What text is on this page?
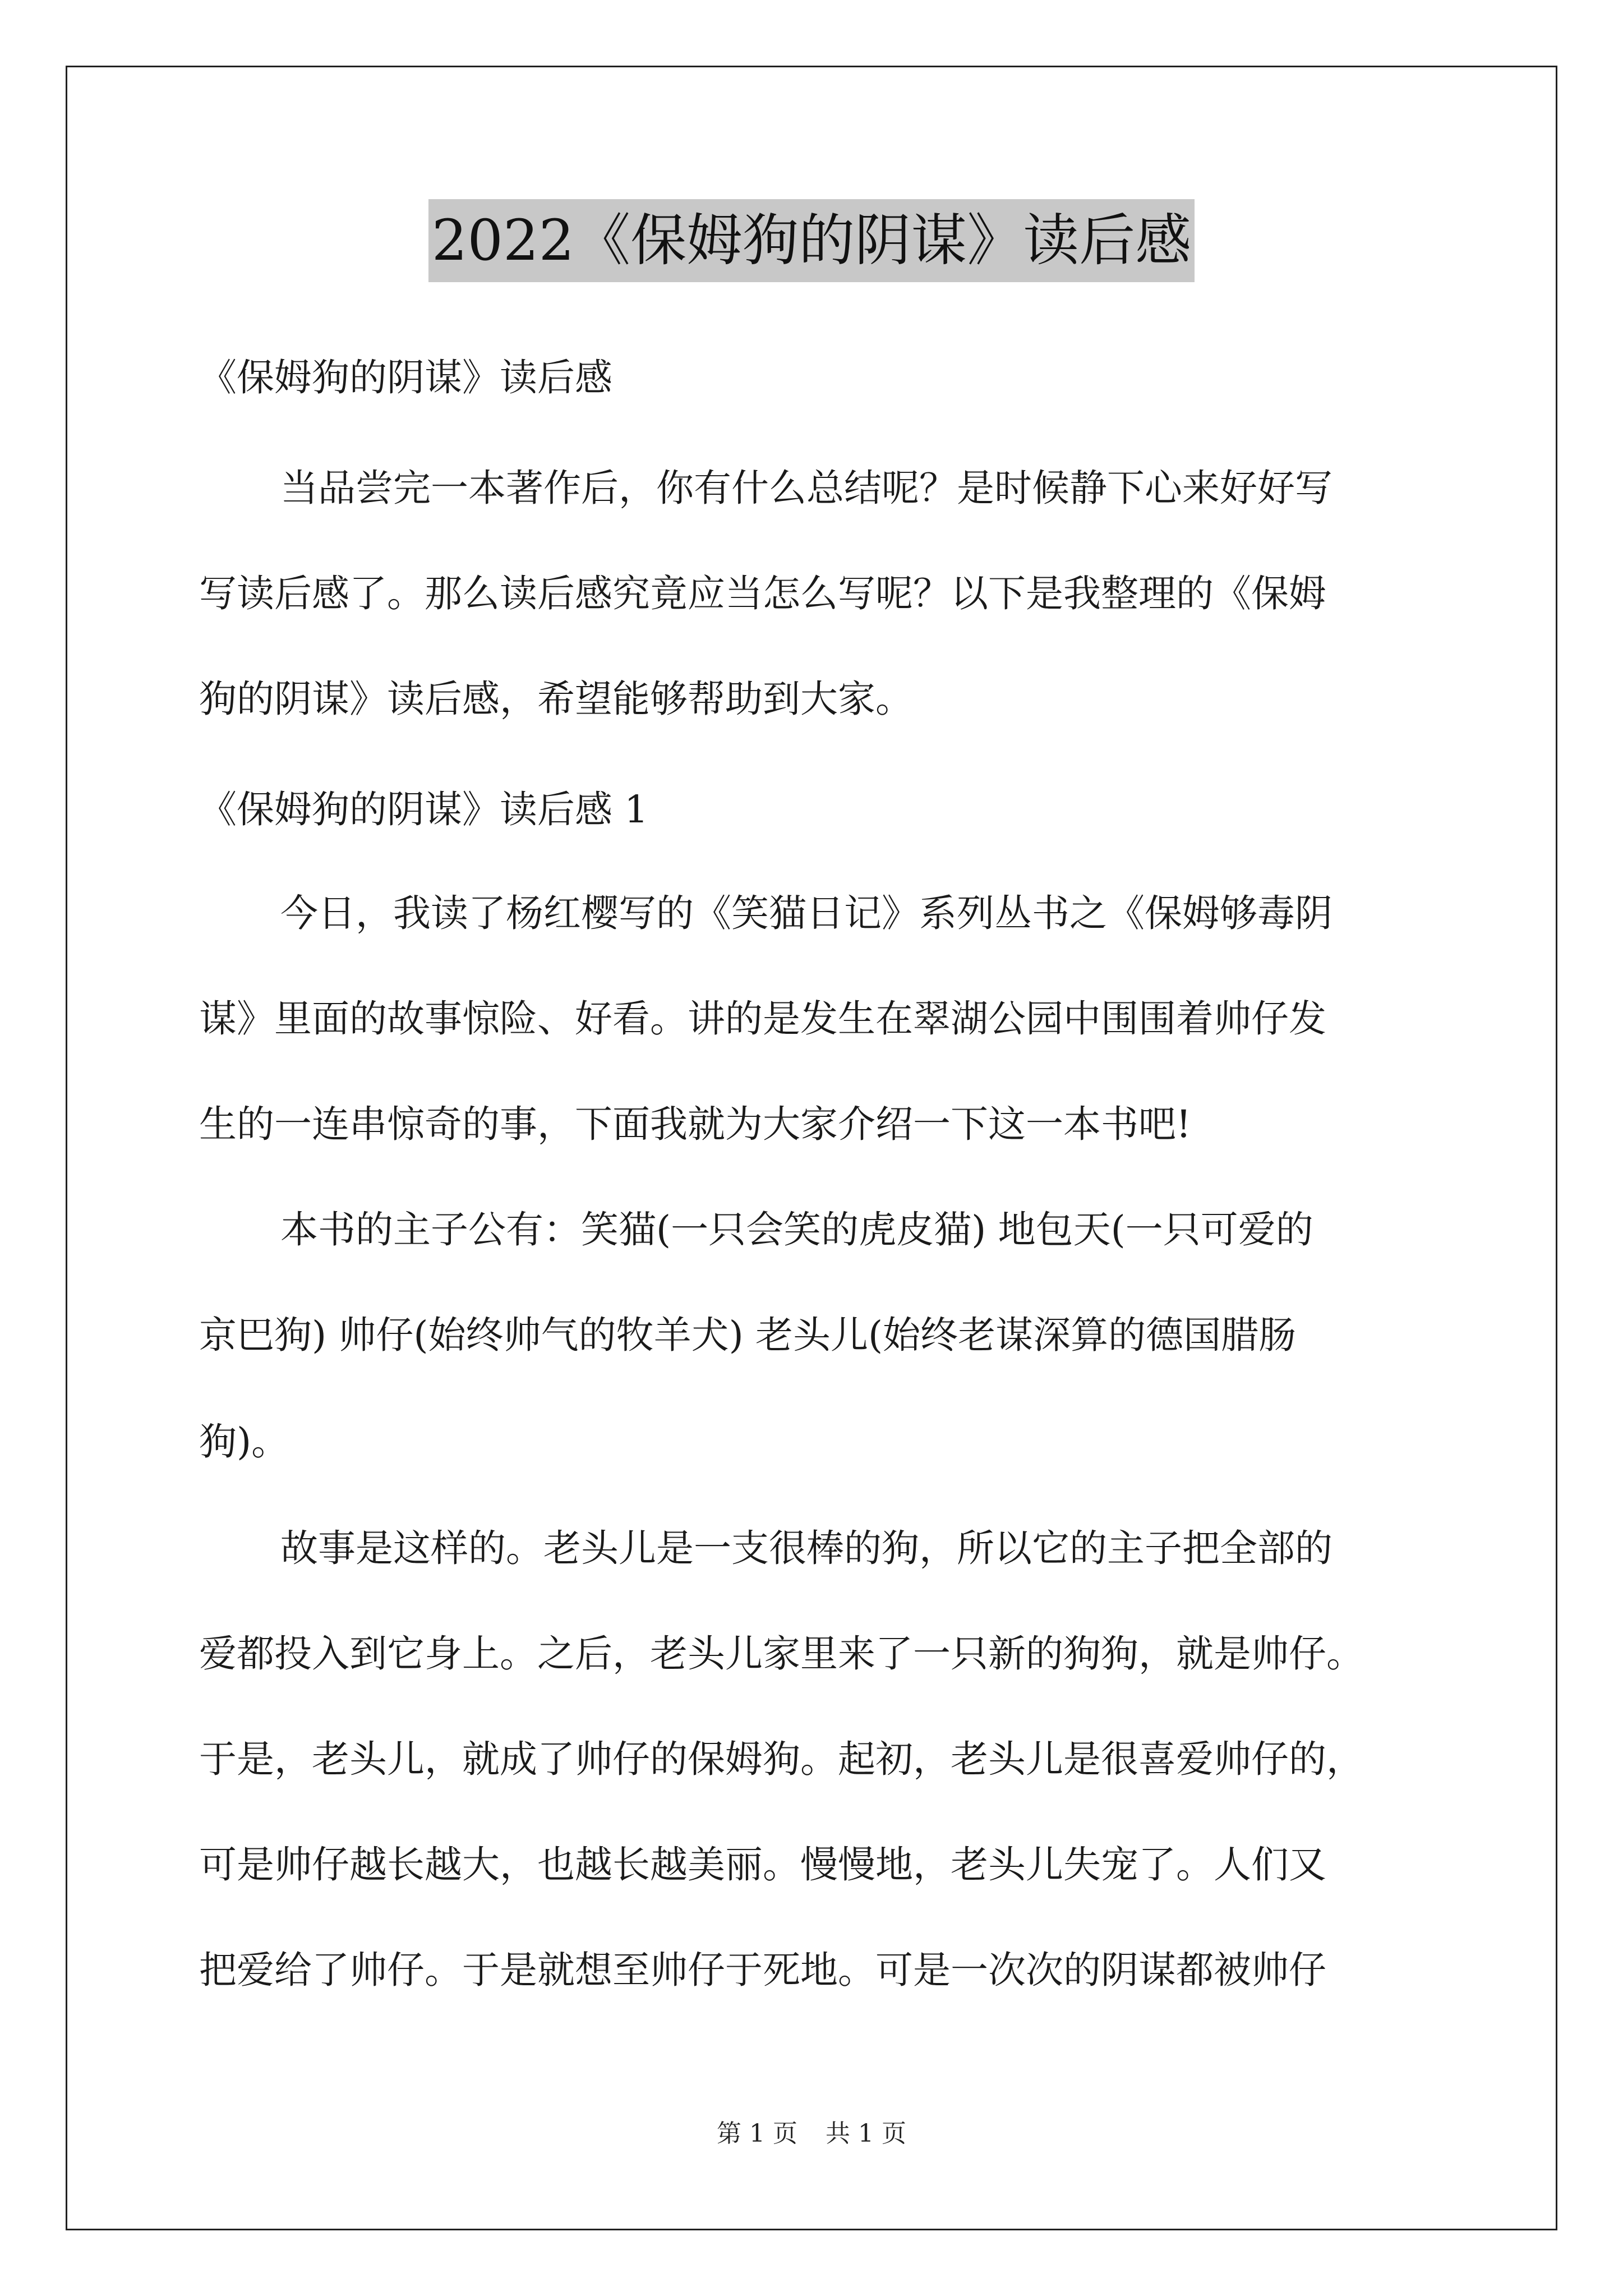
2022《保姆狗的阴谋》读后感
《保姆狗的阴谋》读后感
当品尝完一本著作后，你有什么总结呢？是时候静下心来好好写
写读后感了。那么读后感究竟应当怎么写呢？以下是我整理的《保姆
狗的阴谋》读后感，希望能够帮助到大家。
《保姆狗的阴谋》读后感 1
今日，我读了杨红樱写的《笑猫日记》系列丛书之《保姆够毒阴
谋》里面的故事惊险、好看。讲的是发生在翠湖公园中围围着帅仔发
生的一连串惊奇的事，下面我就为大家介绍一下这一本书吧!
本书的主子公有：笑猫(一只会笑的虎皮猫) 地包天(一只可爱的
京巴狗) 帅仔(始终帅气的牧羊犬) 老头儿(始终老谋深算的德国腊肠
狗)。
故事是这样的。老头儿是一支很棒的狗，所以它的主子把全部的
爱都投入到它身上。之后，老头儿家里来了一只新的狗狗，就是帅仔。
于是，老头儿，就成了帅仔的保姆狗。起初，老头儿是很喜爱帅仔的，
可是帅仔越长越大，也越长越美丽。慢慢地，老头儿失宠了。人们又
把爱给了帅仔。于是就想至帅仔于死地。可是一次次的阴谋都被帅仔
第 1 页 共 1 页
